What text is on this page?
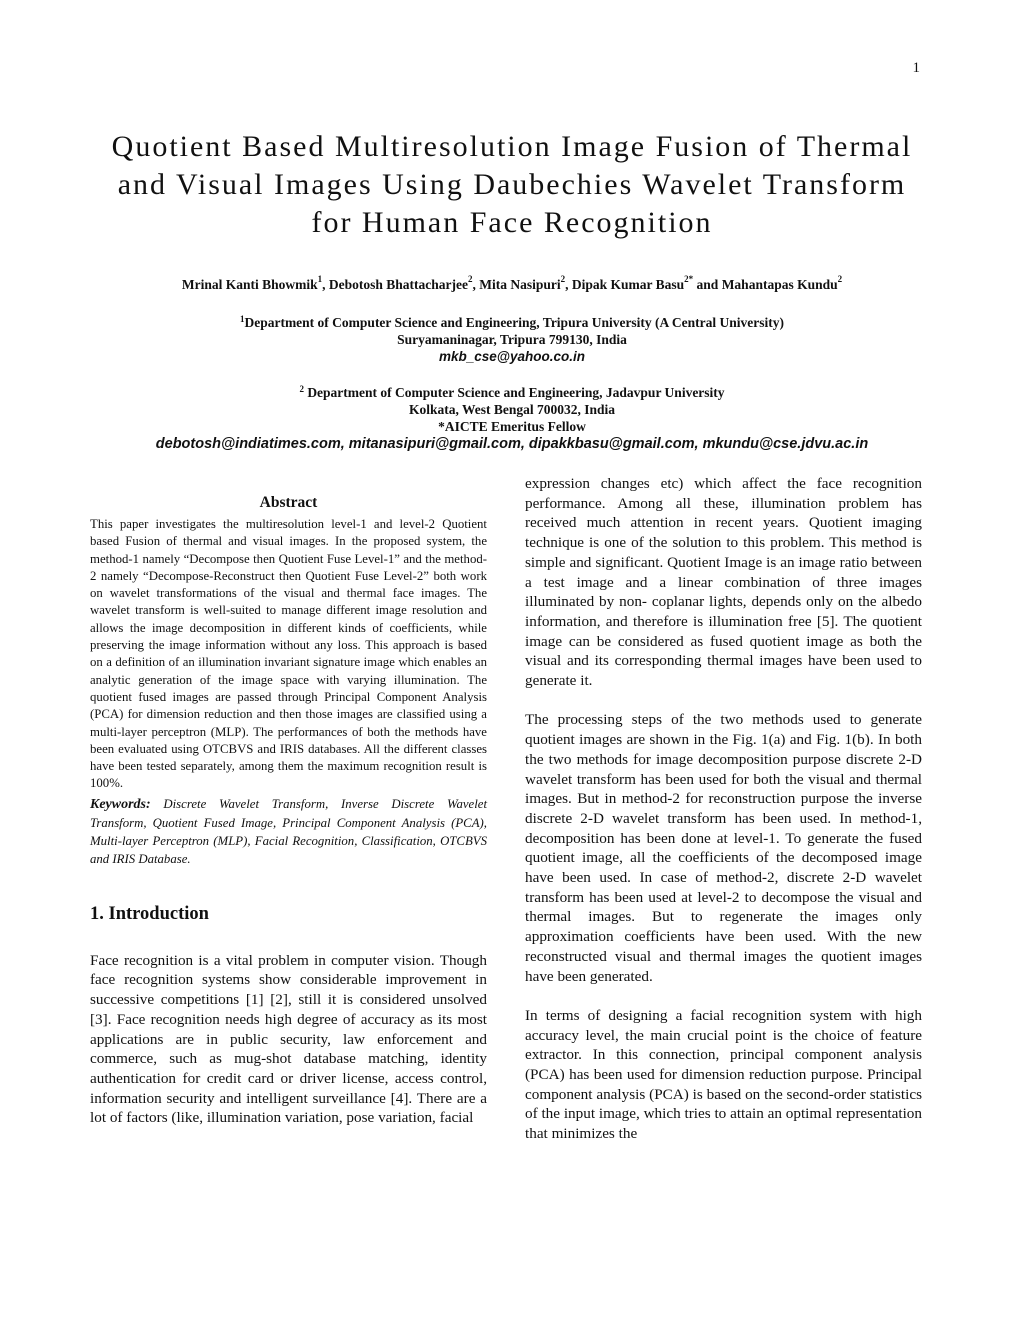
1
Quotient Based Multiresolution Image Fusion of Thermal
and Visual Images Using Daubechies Wavelet Transform
for Human Face Recognition
Mrinal Kanti Bhowmik$^1$, Debotosh Bhattacharjee$^2$, Mita Nasipuri$^2$, Dipak Kumar Basu$^{2*}$ and Mahantapas Kundu$^2$
$^1$Department of Computer Science and Engineering, Tripura University (A Central University)
Suryamaninagar, Tripura 799130, India
mkb_cse@yahoo.co.in
$^2$ Department of Computer Science and Engineering, Jadavpur University
Kolkata, West Bengal 700032, India
*AICTE Emeritus Fellow
debotosh@indiatimes.com, mitanasipuri@gmail.com, dipakkbasu@gmail.com, mkundu@cse.jdvu.ac.in
Abstract

This paper investigates the multiresolution level-1 and level-2 Quotient based Fusion of thermal and visual images. In the proposed system, the method-1 namely “Decompose then Quotient Fuse Level-1” and the method-2 namely “Decompose-Reconstruct then Quotient Fuse Level-2” both work on wavelet transformations of the visual and thermal face images. The wavelet transform is well-suited to manage different image resolution and allows the image decomposition in different kinds of coefficients, while preserving the image information without any loss. This approach is based on a definition of an illumination invariant signature image which enables an analytic generation of the image space with varying illumination. The quotient fused images are passed through Principal Component Analysis (PCA) for dimension reduction and then those images are classified using a multi-layer perceptron (MLP). The performances of both the methods have been evaluated using OTCBVS and IRIS databases. All the different classes have been tested separately, among them the maximum recognition result is 100%.

Keywords: Discrete Wavelet Transform, Inverse Discrete Wavelet Transform, Quotient Fused Image, Principal Component Analysis (PCA), Multi-layer Perceptron (MLP), Facial Recognition, Classification, OTCBVS and IRIS Database.

1. Introduction

Face recognition is a vital problem in computer vision. Though face recognition systems show considerable improvement in successive competitions [1] [2], still it is considered unsolved [3]. Face recognition needs high degree of accuracy as its most applications are in public security, law enforcement and commerce, such as mug-shot database matching, identity authentication for credit card or driver license, access control, information security and intelligent surveillance [4]. There are a lot of factors (like, illumination variation, pose variation, facial

expression changes etc) which affect the face recognition performance. Among all these, illumination problem has received much attention in recent years. Quotient imaging technique is one of the solution to this problem. This method is simple and significant. Quotient Image is an image ratio between a test image and a linear combination of three images illuminated by non- coplanar lights, depends only on the albedo information, and therefore is illumination free [5]. The quotient image can be considered as fused quotient image as both the visual and its corresponding thermal images have been used to generate it.

The processing steps of the two methods used to generate quotient images are shown in the Fig. 1(a) and Fig. 1(b). In both the two methods for image decomposition purpose discrete 2-D wavelet transform has been used for both the visual and thermal images. But in method-2 for reconstruction purpose the inverse discrete 2-D wavelet transform has been used. In method-1, decomposition has been done at level-1. To generate the fused quotient image, all the coefficients of the decomposed image have been used. In case of method-2, discrete 2-D wavelet transform has been used at level-2 to decompose the visual and thermal images. But to regenerate the images only approximation coefficients have been used. With the new reconstructed visual and thermal images the quotient images have been generated.

In terms of designing a facial recognition system with high accuracy level, the main crucial point is the choice of feature extractor. In this connection, principal component analysis (PCA) has been used for dimension reduction purpose. Principal component analysis (PCA) is based on the second-order statistics of the input image, which tries to attain an optimal representation that minimizes the
